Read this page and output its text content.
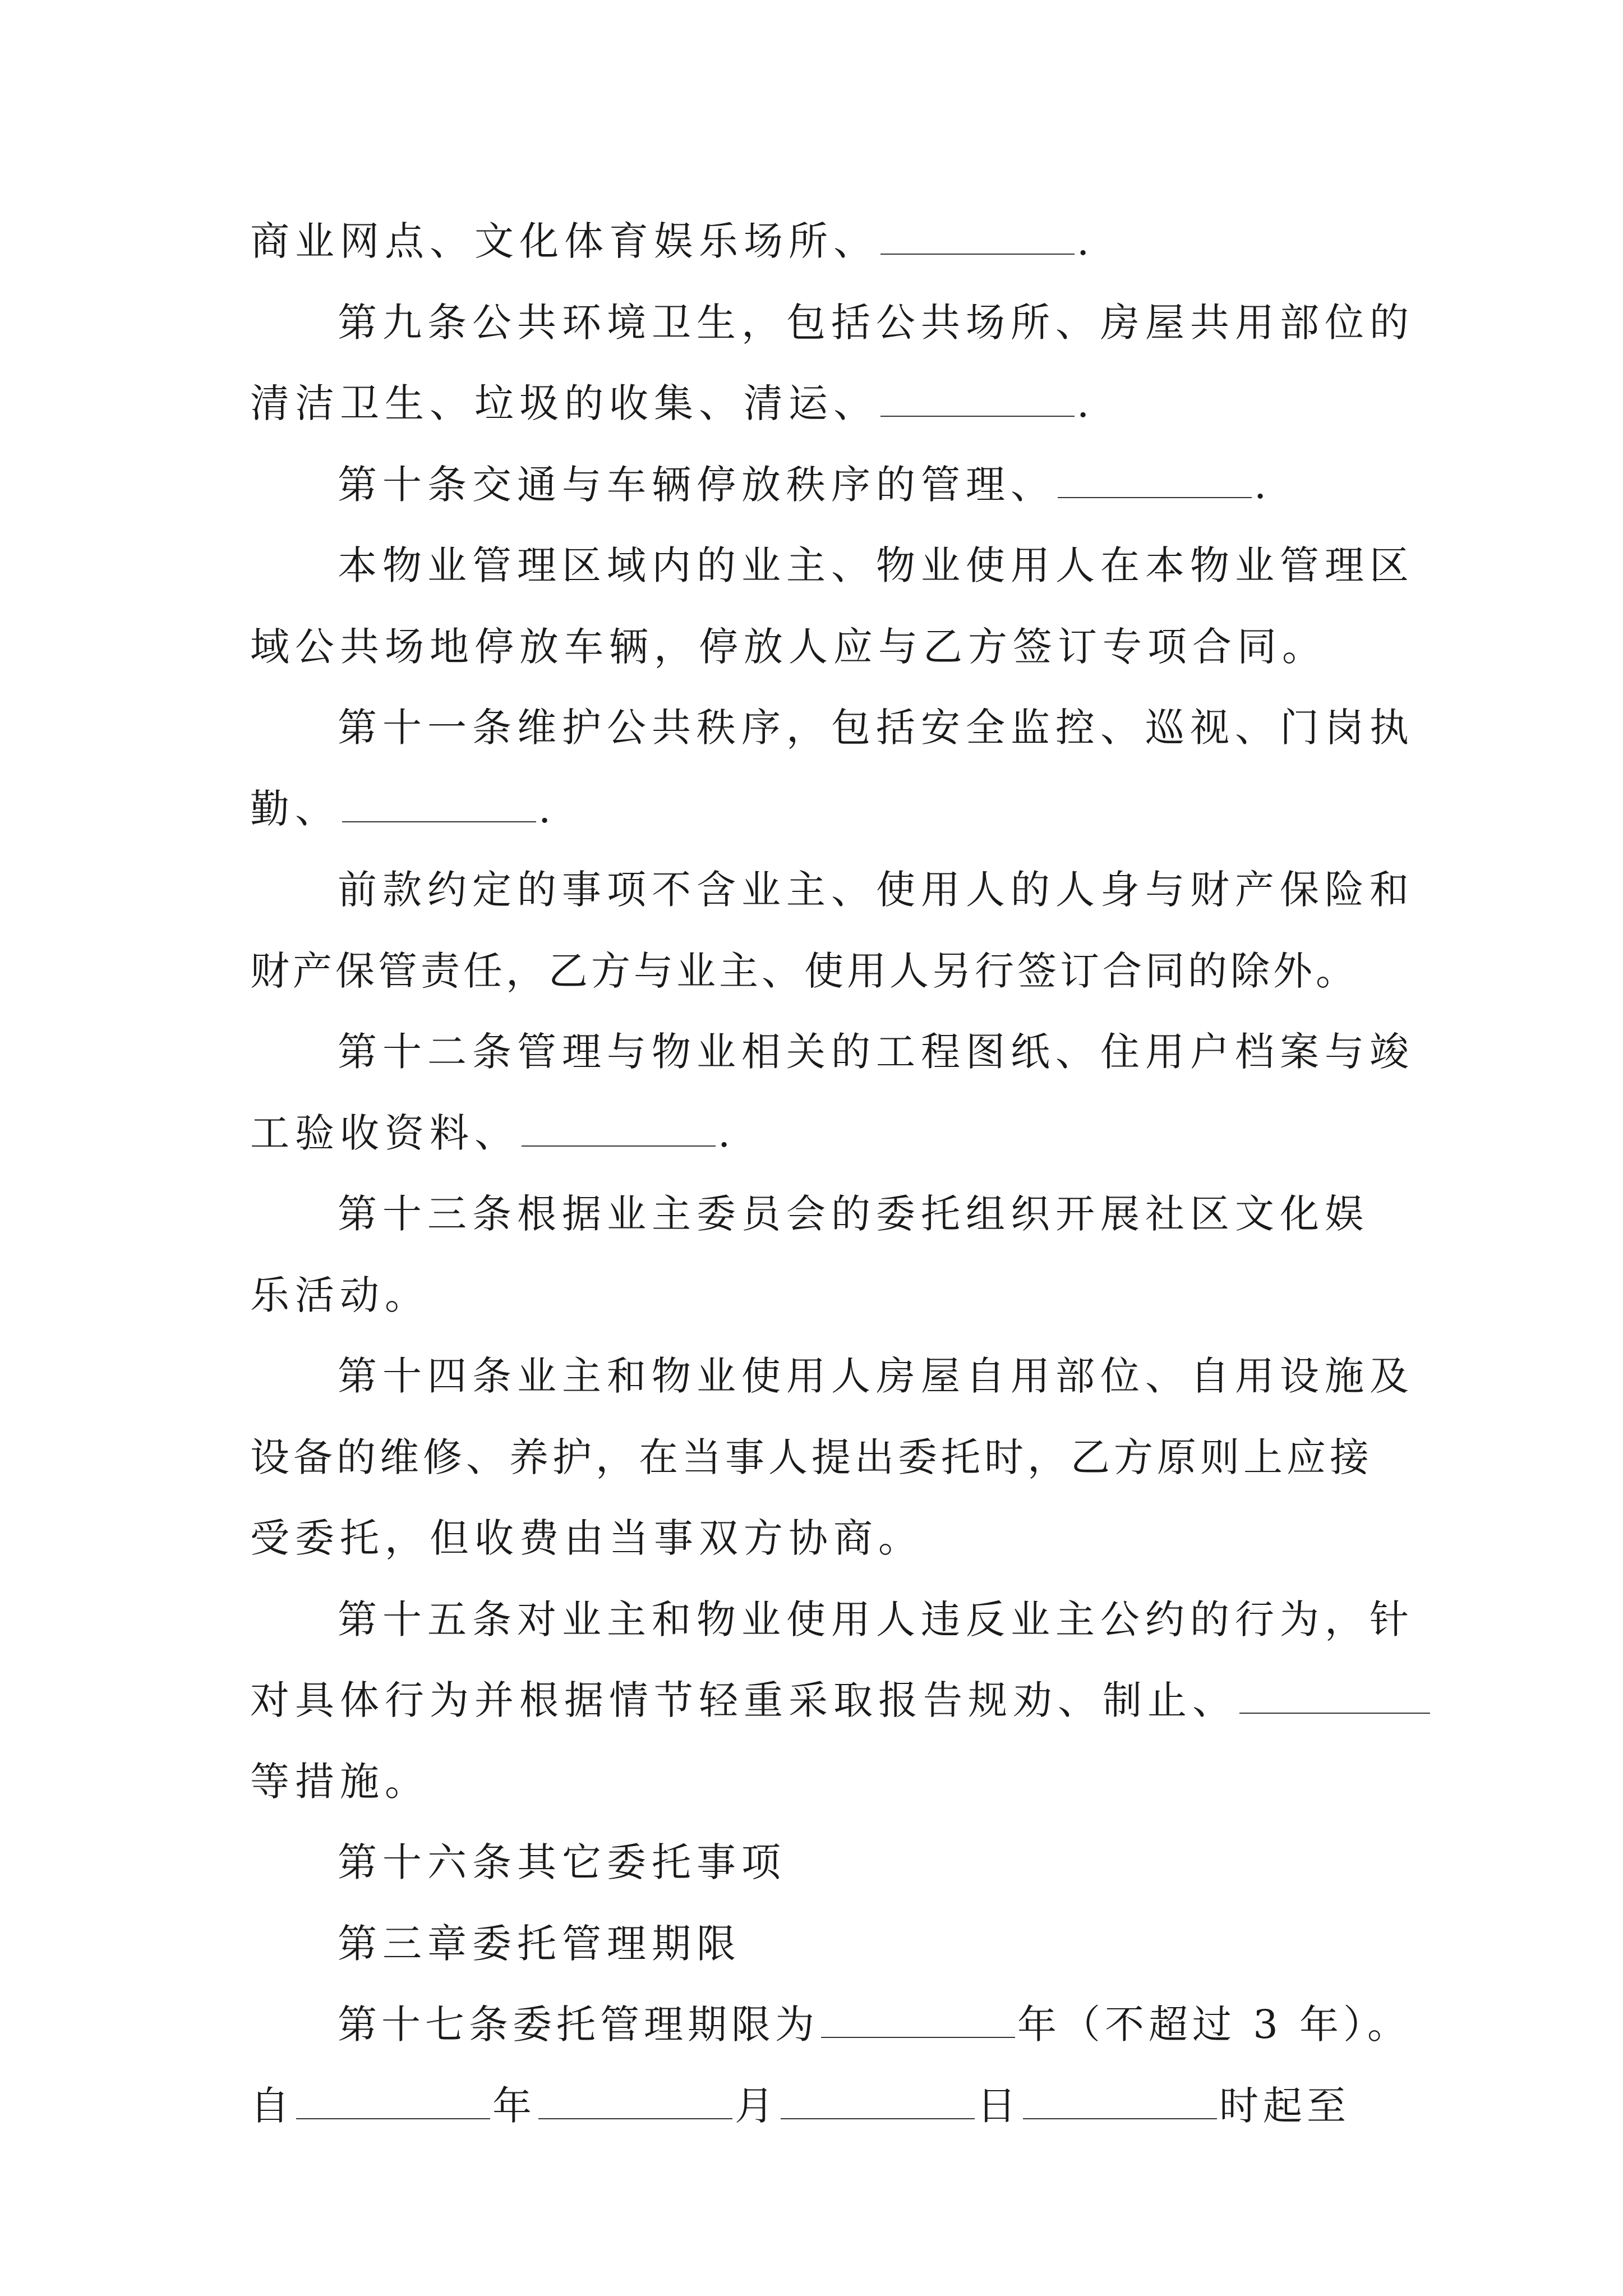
商业网点、文化体育娱乐场所、	.
第九条公共环境卫生，包括公共场所、房屋共用部位的
清洁卫生、垃圾的收集、清运、	.
第十条交通与车辆停放秩序的管理、	.
本物业管理区域内的业主、物业使用人在本物业管理区
域公共场地停放车辆，停放人应与乙方签订专项合同。
第十一条维护公共秩序，包括安全监控、巡视、门岗执
勤、	.
前款约定的事项不含业主、使用人的人身与财产保险和
财产保管责任，乙方与业主、使用人另行签订合同的除外。
第十二条管理与物业相关的工程图纸、住用户档案与竣
工验收资料、	.
第十三条根据业主委员会的委托组织开展社区文化娱
乐活动。
第十四条业主和物业使用人房屋自用部位、自用设施及
设备的维修、养护，在当事人提出委托时，乙方原则上应接
受委托，但收费由当事双方协商。
第十五条对业主和物业使用人违反业主公约的行为，针
对具体行为并根据情节轻重采取报告规劝、制止、
等措施。
第十六条其它委托事项
第三章委托管理期限
第十七条委托管理期限为	年（不超过 3 年）。
自	年	月	日	时起至
